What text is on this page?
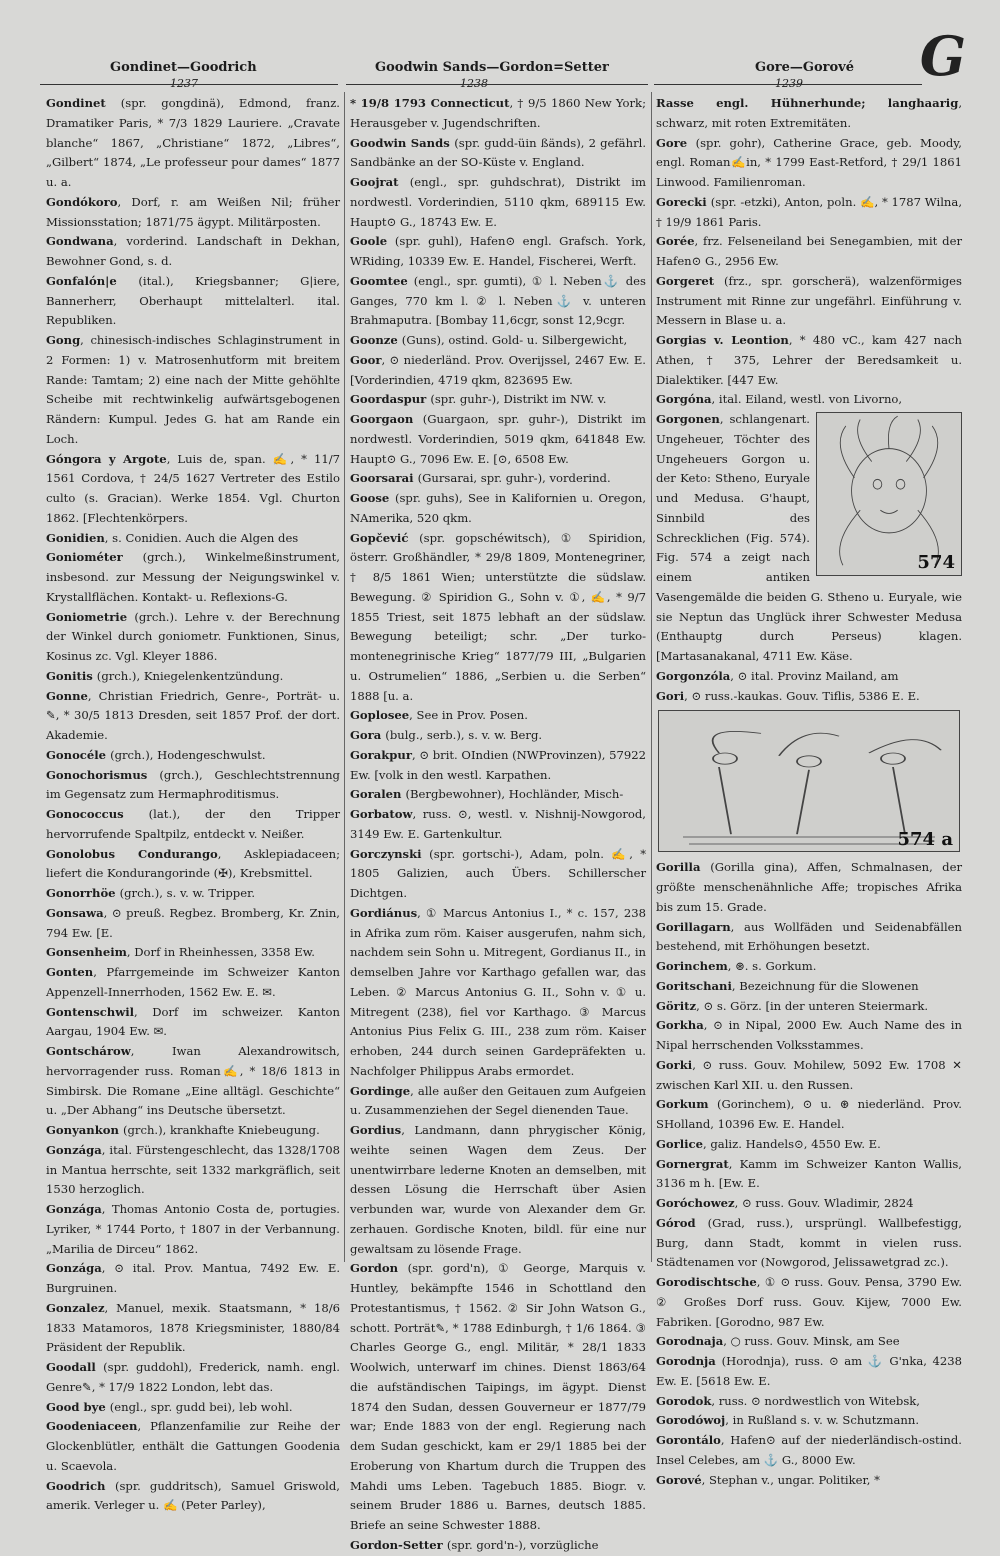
G
Gondinet—Goodrich	Goodwin Sands—Gordon=Setter	Gore—Gorové
1237	1238	1239

Gondinet (spr. gongdinä), Edmond, franz. Dramatiker Paris, * 7/3 1829 Lauriere. „Cravate blanche“ 1867, „Christiane“ 1872, „Libres“, „Gilbert“ 1874, „Le professeur pour dames“ 1877 u. a.

Gondókoro, Dorf, r. am Weißen Nil; früher Missionsstation; 1871/75 ägypt. Militärposten.

Gondwana, vorderind. Landschaft in Dekhan, Bewohner Gond, s. d.

Gonfalón|e (ital.), Kriegsbanner; G|iere, Bannerherr, Oberhaupt mittelalterl. ital. Republiken.

Gong, chinesisch-indisches Schlaginstrument in 2 Formen: 1) v. Matrosenhutform mit breitem Rande: Tamtam; 2) eine nach der Mitte gehöhlte Scheibe mit rechtwinkelig aufwärtsgebogenen Rändern: Kumpul. Jedes G. hat am Rande ein Loch.

Góngora y Argote, Luis de, span. ✍, * 11/7 1561 Cordova, † 24/5 1627 Vertreter des Estilo culto (s. Gracian). Werke 1854. Vgl. Churton 1862. [Flechtenkörpers.

Gonidien, s. Conidien. Auch die Algen des

Goniométer (grch.), Winkelmeßinstrument, insbesond. zur Messung der Neigungswinkel v. Krystallflächen. Kontakt- u. Reflexions-G.

Goniometrie (grch.). Lehre v. der Berechnung der Winkel durch goniometr. Funktionen, Sinus, Kosinus zc. Vgl. Kleyer 1886.

Gonitis (grch.), Kniegelenkentzündung.

Gonne, Christian Friedrich, Genre-, Porträt- u. ✎, * 30/5 1813 Dresden, seit 1857 Prof. der dort. Akademie.

Gonocéle (grch.), Hodengeschwulst.

Gonochorismus (grch.), Geschlechtstrennung im Gegensatz zum Hermaphroditismus.

Gonococcus (lat.), der den Tripper hervorrufende Spaltpilz, entdeckt v. Neißer.

Gonolobus Condurango, Asklepiadaceen; liefert die Kondurangorinde (✠), Krebsmittel.

Gonorrhöe (grch.), s. v. w. Tripper.

Gonsawa, ⊙ preuß. Regbez. Bromberg, Kr. Znin, 794 Ew. [E.

Gonsenheim, Dorf in Rheinhessen, 3358 Ew.

Gonten, Pfarrgemeinde im Schweizer Kanton Appenzell-Innerrhoden, 1562 Ew. E. ✉.

Gontenschwil, Dorf im schweizer. Kanton Aargau, 1904 Ew. ✉.

Gontschárow, Iwan Alexandrowitsch, hervorragender russ. Roman✍, * 18/6 1813 in Simbirsk. Die Romane „Eine alltägl. Geschichte“ u. „Der Abhang“ ins Deutsche übersetzt.

Gonyankon (grch.), krankhafte Kniebeugung.

Gonzága, ital. Fürstengeschlecht, das 1328/1708 in Mantua herrschte, seit 1332 markgräflich, seit 1530 herzoglich.

Gonzága, Thomas Antonio Costa de, portugies. Lyriker, * 1744 Porto, † 1807 in der Verbannung. „Marilia de Dirceu“ 1862.

Gonzága, ⊙ ital. Prov. Mantua, 7492 Ew. E. Burgruinen.

Gonzalez, Manuel, mexik. Staatsmann, * 18/6 1833 Matamoros, 1878 Kriegsminister, 1880/84 Präsident der Republik.

Goodall (spr. guddohl), Frederick, namh. engl. Genre✎, * 17/9 1822 London, lebt das.

Good bye (engl., spr. gudd bei), leb wohl.

Goodeniaceen, Pflanzenfamilie zur Reihe der Glockenblütler, enthält die Gattungen Goodenia u. Scaevola.

Goodrich (spr. guddritsch), Samuel Griswold, amerik. Verleger u. ✍ (Peter Parley),

* 19/8 1793 Connecticut, † 9/5 1860 New York; Herausgeber v. Jugendschriften.

Goodwin Sands (spr. gudd-üin ßänds), 2 gefährl. Sandbänke an der SO-Küste v. England.

Goojrat (engl., spr. guhdschrat), Distrikt im nordwestl. Vorderindien, 5110 qkm, 689115 Ew. Haupt⊙ G., 18743 Ew. E.

Goole (spr. guhl), Hafen⊙ engl. Grafsch. York, WRiding, 10339 Ew. E. Handel, Fischerei, Werft.

Goomtee (engl., spr. gumti), ① l. Neben⚓ des Ganges, 770 km l. ② l. Neben⚓ v. unteren Brahmaputra. [Bombay 11,6cgr, sonst 12,9cgr.

Goonze (Guns), ostind. Gold- u. Silbergewicht,

Goor, ⊙ niederländ. Prov. Overijssel, 2467 Ew. E. [Vorderindien, 4719 qkm, 823695 Ew.

Goordaspur (spr. guhr-), Distrikt im NW. v.

Goorgaon (Guargaon, spr. guhr-), Distrikt im nordwestl. Vorderindien, 5019 qkm, 641848 Ew. Haupt⊙ G., 7096 Ew. E. [⊙, 6508 Ew.

Goorsarai (Gursarai, spr. guhr-), vorderind.

Goose (spr. guhs), See in Kalifornien u. Oregon, NAmerika, 520 qkm.

Gopčević (spr. gopschéwitsch), ① Spiridion, österr. Großhändler, * 29/8 1809, Montenegriner, † 8/5 1861 Wien; unterstützte die südslaw. Bewegung. ② Spiridion G., Sohn v. ①, ✍, * 9/7 1855 Triest, seit 1875 lebhaft an der südslaw. Bewegung beteiligt; schr. „Der turko-montenegrinische Krieg“ 1877/79 III, „Bulgarien u. Ostrumelien“ 1886, „Serbien u. die Serben“ 1888 [u. a.

Goplosee, See in Prov. Posen.

Gora (bulg., serb.), s. v. w. Berg.

Gorakpur, ⊙ brit. OIndien (NWProvinzen), 57922 Ew. [volk in den westl. Karpathen.

Goralen (Bergbewohner), Hochländer, Misch-

Gorbatow, russ. ⊙, westl. v. Nishnij-Nowgorod, 3149 Ew. E. Gartenkultur.

Gorczynski (spr. gortschi-), Adam, poln. ✍, * 1805 Galizien, auch Übers. Schillerscher Dichtgen.

Gordiánus, ① Marcus Antonius I., * c. 157, 238 in Afrika zum röm. Kaiser ausgerufen, nahm sich, nachdem sein Sohn u. Mitregent, Gordianus II., in demselben Jahre vor Karthago gefallen war, das Leben. ② Marcus Antonius G. II., Sohn v. ① u. Mitregent (238), fiel vor Karthago. ③ Marcus Antonius Pius Felix G. III., 238 zum röm. Kaiser erhoben, 244 durch seinen Gardepräfekten u. Nachfolger Philippus Arabs ermordet.

Gordinge, alle außer den Geitauen zum Aufgeien u. Zusammenziehen der Segel dienenden Taue.

Gordius, Landmann, dann phrygischer König, weihte seinen Wagen dem Zeus. Der unentwirrbare lederne Knoten an demselben, mit dessen Lösung die Herrschaft über Asien verbunden war, wurde von Alexander dem Gr. zerhauen. Gordische Knoten, bildl. für eine nur gewaltsam zu lösende Frage.

Gordon (spr. gord'n), ① George, Marquis v. Huntley, bekämpfte 1546 in Schottland den Protestantismus, † 1562. ② Sir John Watson G., schott. Porträt✎, * 1788 Edinburgh, † 1/6 1864. ③ Charles George G., engl. Militär, * 28/1 1833 Woolwich, unterwarf im chines. Dienst 1863/64 die aufständischen Taipings, im ägypt. Dienst 1874 den Sudan, dessen Gouverneur er 1877/79 war; Ende 1883 von der engl. Regierung nach dem Sudan geschickt, kam er 29/1 1885 bei der Eroberung von Khartum durch die Truppen des Mahdi ums Leben. Tagebuch 1885. Biogr. v. seinem Bruder 1886 u. Barnes, deutsch 1885. Briefe an seine Schwester 1888.

Gordon-Setter (spr. gord'n-), vorzügliche

Rasse engl. Hühnerhunde; langhaarig, schwarz, mit roten Extremitäten.

Gore (spr. gohr), Catherine Grace, geb. Moody, engl. Roman✍in, * 1799 East-Retford, † 29/1 1861 Linwood. Familienroman.

Gorecki (spr. -etzki), Anton, poln. ✍, * 1787 Wilna, † 19/9 1861 Paris.

Gorée, frz. Felseneiland bei Senegambien, mit der Hafen⊙ G., 2956 Ew.

Gorgeret (frz., spr. gorscherä), walzenförmiges Instrument mit Rinne zur ungefährl. Einführung v. Messern in Blase u. a.

Gorgias v. Leontion, * 480 vC., kam 427 nach Athen, † 375, Lehrer der Beredsamkeit u. Dialektiker. [447 Ew.

Gorgóna, ital. Eiland, westl. von Livorno,

574

Gorgonen, schlangenart. Ungeheuer, Töchter des Ungeheuers Gorgon u. der Keto: Stheno, Euryale und Medusa. G'haupt, Sinnbild des Schrecklichen (Fig. 574). Fig. 574 a zeigt nach einem antiken Vasengemälde die beiden G. Stheno u. Euryale, wie sie Neptun das Unglück ihrer Schwester Medusa (Enthauptg durch Perseus) klagen. [Martasanakanal, 4711 Ew. Käse.

Gorgonzóla, ⊙ ital. Provinz Mailand, am

Gori, ⊙ russ.-kaukas. Gouv. Tiflis, 5386 E. E.

574 a

Gorilla (Gorilla gina), Affen, Schmalnasen, der größte menschenähnliche Affe; tropisches Afrika bis zum 15. Grade.

Gorillagarn, aus Wollfäden und Seidenabfällen bestehend, mit Erhöhungen besetzt.

Gorinchem, ⊛. s. Gorkum.

Goritschani, Bezeichnung für die Slowenen

Göritz, ⊙ s. Görz. [in der unteren Steiermark.

Gorkha, ⊙ in Nipal, 2000 Ew. Auch Name des in Nipal herrschenden Volksstammes.

Gorki, ⊙ russ. Gouv. Mohilew, 5092 Ew. 1708 ✕ zwischen Karl XII. u. den Russen.

Gorkum (Gorinchem), ⊙ u. ⊛ niederländ. Prov. SHolland, 10396 Ew. E. Handel.

Gorlice, galiz. Handels⊙, 4550 Ew. E.

Gornergrat, Kamm im Schweizer Kanton Wallis, 3136 m h. [Ew. E.

Goróchowez, ⊙ russ. Gouv. Wladimir, 2824

Górod (Grad, russ.), ursprüngl. Wallbefestigg, Burg, dann Stadt, kommt in vielen russ. Städtenamen vor (Nowgorod, Jelissawetgrad zc.).

Gorodischtsche, ① ⊙ russ. Gouv. Pensa, 3790 Ew. ② Großes Dorf russ. Gouv. Kijew, 7000 Ew. Fabriken. [Gorodno, 987 Ew.

Gorodnaja, ○ russ. Gouv. Minsk, am See

Gorodnja (Horodnja), russ. ⊙ am ⚓ G'nka, 4238 Ew. E. [5618 Ew. E.

Gorodok, russ. ⊙ nordwestlich von Witebsk,

Gorodówoj, in Rußland s. v. w. Schutzmann.

Gorontálo, Hafen⊙ auf der niederländisch-ostind. Insel Celebes, am ⚓ G., 8000 Ew.

Gorové, Stephan v., ungar. Politiker, *
